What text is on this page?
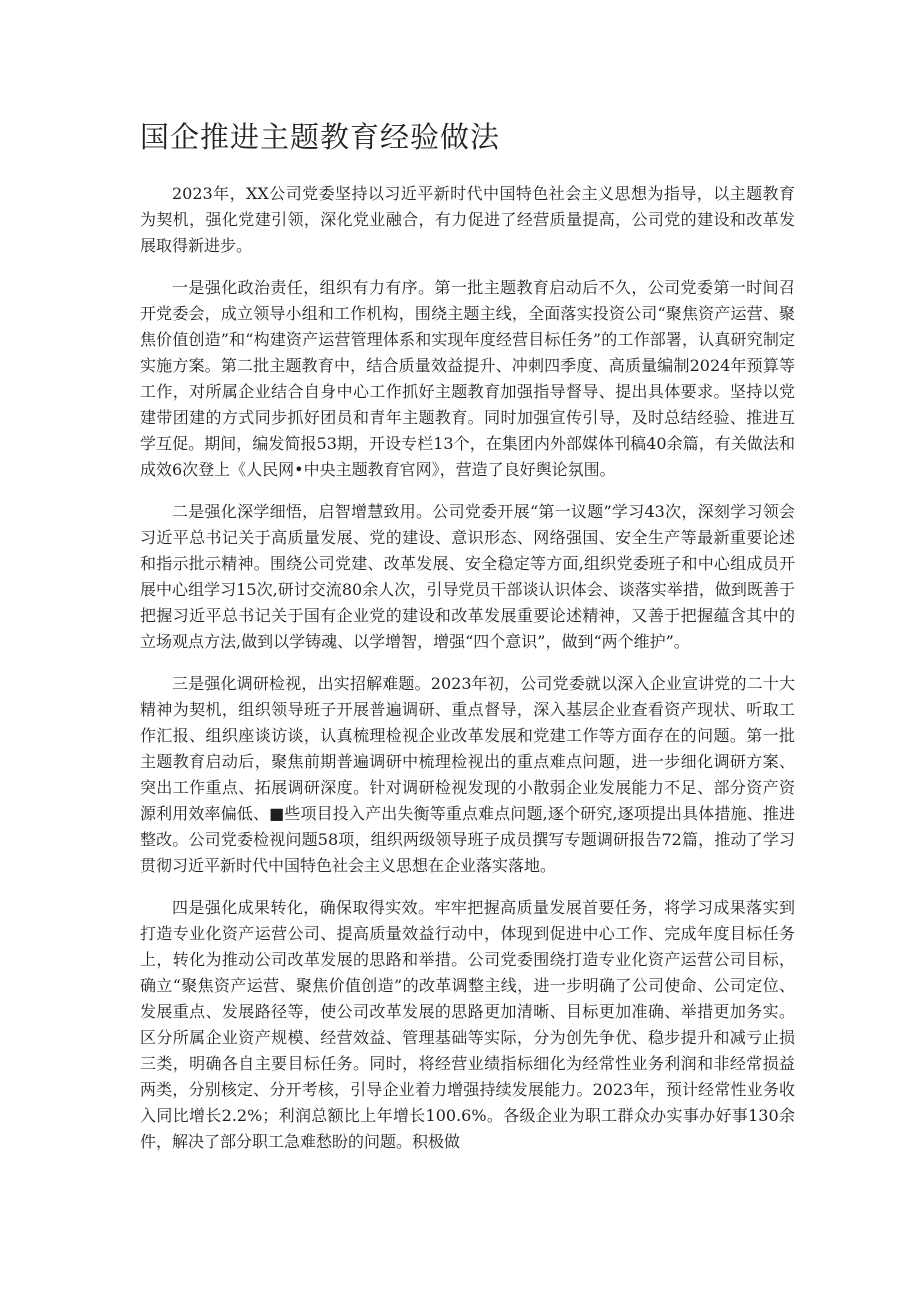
国企推进主题教育经验做法

2023年，XX公司党委坚持以习近平新时代中国特色社会主义思想为指导，以主题教育为契机，强化党建引领，深化党业融合，有力促进了经营质量提高，公司党的建设和改革发展取得新进步。

一是强化政治责任，组织有力有序。第一批主题教育启动后不久，公司党委第一时间召开党委会，成立领导小组和工作机构，围绕主题主线，全面落实投资公司“聚焦资产运营、聚焦价值创造”和“构建资产运营管理体系和实现年度经营目标任务”的工作部署，认真研究制定实施方案。第二批主题教育中，结合质量效益提升、冲刺四季度、高质量编制2024年预算等工作，对所属企业结合自身中心工作抓好主题教育加强指导督导、提出具体要求。坚持以党建带团建的方式同步抓好团员和青年主题教育。同时加强宣传引导，及时总结经验、推进互学互促。期间，编发简报53期，开设专栏13个，在集团内外部媒体刊稿40余篇，有关做法和成效6次登上《人民网•中央主题教育官网》，营造了良好舆论氛围。

二是强化深学细悟，启智增慧致用。公司党委开展“第一议题”学习43次，深刻学习领会习近平总书记关于高质量发展、党的建设、意识形态、网络强国、安全生产等最新重要论述和指示批示精神。围绕公司党建、改革发展、安全稳定等方面,组织党委班子和中心组成员开展中心组学习15次,研讨交流80余人次，引导党员干部谈认识体会、谈落实举措，做到既善于把握习近平总书记关于国有企业党的建设和改革发展重要论述精神，又善于把握蕴含其中的立场观点方法,做到以学铸魂、以学增智，增强“四个意识”，做到“两个维护”。

三是强化调研检视，出实招解难题。2023年初，公司党委就以深入企业宣讲党的二十大精神为契机，组织领导班子开展普遍调研、重点督导，深入基层企业查看资产现状、听取工作汇报、组织座谈访谈，认真梳理检视企业改革发展和党建工作等方面存在的问题。第一批主题教育启动后，聚焦前期普遍调研中梳理检视出的重点难点问题，进一步细化调研方案、突出工作重点、拓展调研深度。针对调研检视发现的小散弱企业发展能力不足、部分资产资源利用效率偏低、■些项目投入产出失衡等重点难点问题,逐个研究,逐项提出具体措施、推进整改。公司党委检视问题58项，组织两级领导班子成员撰写专题调研报告72篇，推动了学习贯彻习近平新时代中国特色社会主义思想在企业落实落地。

四是强化成果转化，确保取得实效。牢牢把握高质量发展首要任务，将学习成果落实到打造专业化资产运营公司、提高质量效益行动中，体现到促进中心工作、完成年度目标任务上，转化为推动公司改革发展的思路和举措。公司党委围绕打造专业化资产运营公司目标，确立“聚焦资产运营、聚焦价值创造”的改革调整主线，进一步明确了公司使命、公司定位、发展重点、发展路径等，使公司改革发展的思路更加清晰、目标更加准确、举措更加务实。区分所属企业资产规模、经营效益、管理基础等实际，分为创先争优、稳步提升和减亏止损三类，明确各自主要目标任务。同时，将经营业绩指标细化为经常性业务利润和非经常损益两类，分别核定、分开考核，引导企业着力增强持续发展能力。2023年，预计经常性业务收入同比增长2.2%；利润总额比上年增长100.6%。各级企业为职工群众办实事办好事130余件，解决了部分职工急难愁盼的问题。积极做
